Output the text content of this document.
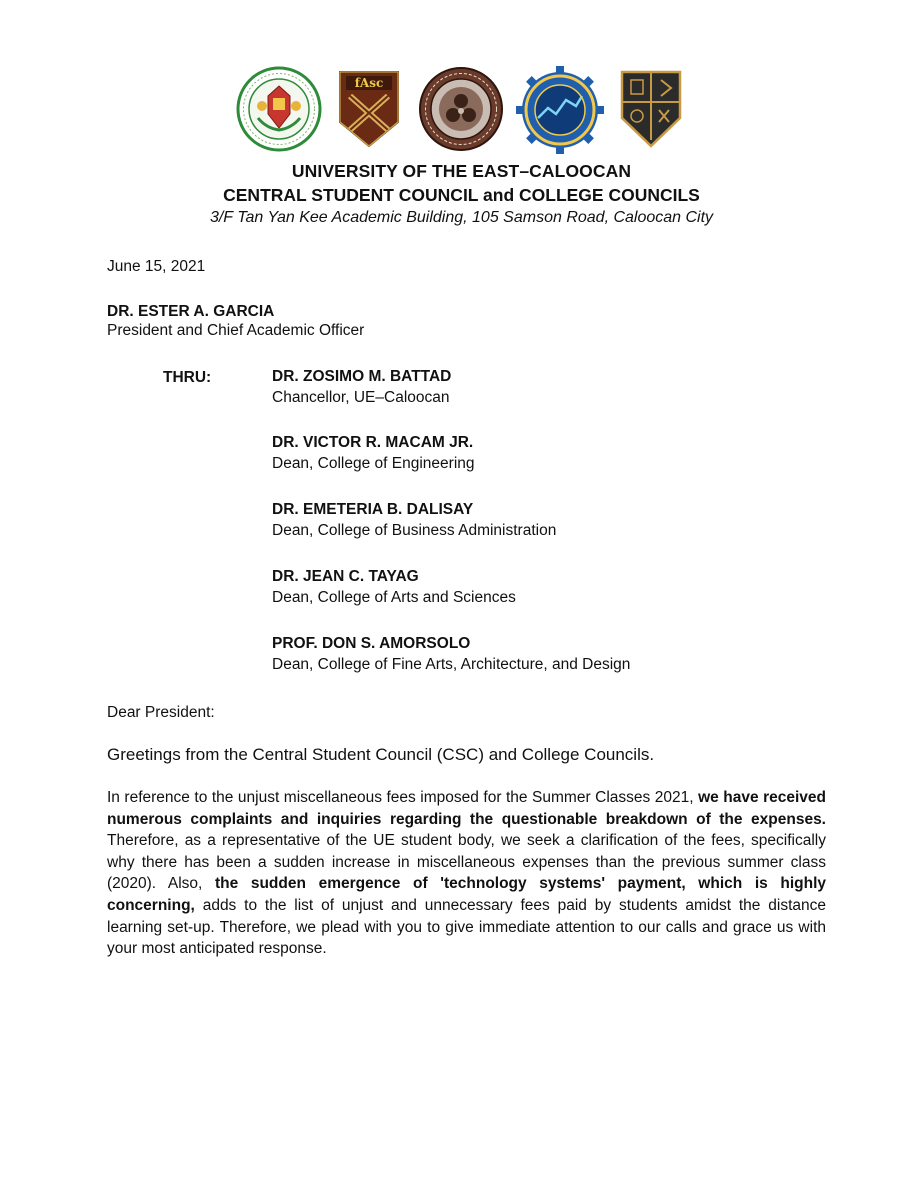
fAsc
UNIVERSITY OF THE EAST–CALOOCAN
CENTRAL STUDENT COUNCIL and COLLEGE COUNCILS
3/F Tan Yan Kee Academic Building, 105 Samson Road, Caloocan City
June 15, 2021
DR. ESTER A. GARCIA
President and Chief Academic Officer
THRU:	DR. ZOSIMO M. BATTAD
Chancellor, UE–Caloocan
DR. VICTOR R. MACAM JR.
Dean, College of Engineering
DR. EMETERIA B. DALISAY
Dean, College of Business Administration
DR. JEAN C. TAYAG
Dean, College of Arts and Sciences
PROF. DON S. AMORSOLO
Dean, College of Fine Arts, Architecture, and Design
Dear President:
Greetings from the Central Student Council (CSC) and College Councils.
In reference to the unjust miscellaneous fees imposed for the Summer Classes 2021, we have received numerous complaints and inquiries regarding the questionable breakdown of the expenses. Therefore, as a representative of the UE student body, we seek a clarification of the fees, specifically why there has been a sudden increase in miscellaneous expenses than the previous summer class (2020). Also, the sudden emergence of 'technology systems' payment, which is highly concerning, adds to the list of unjust and unnecessary fees paid by students amidst the distance learning set-up. Therefore, we plead with you to give immediate attention to our calls and grace us with your most anticipated response.
